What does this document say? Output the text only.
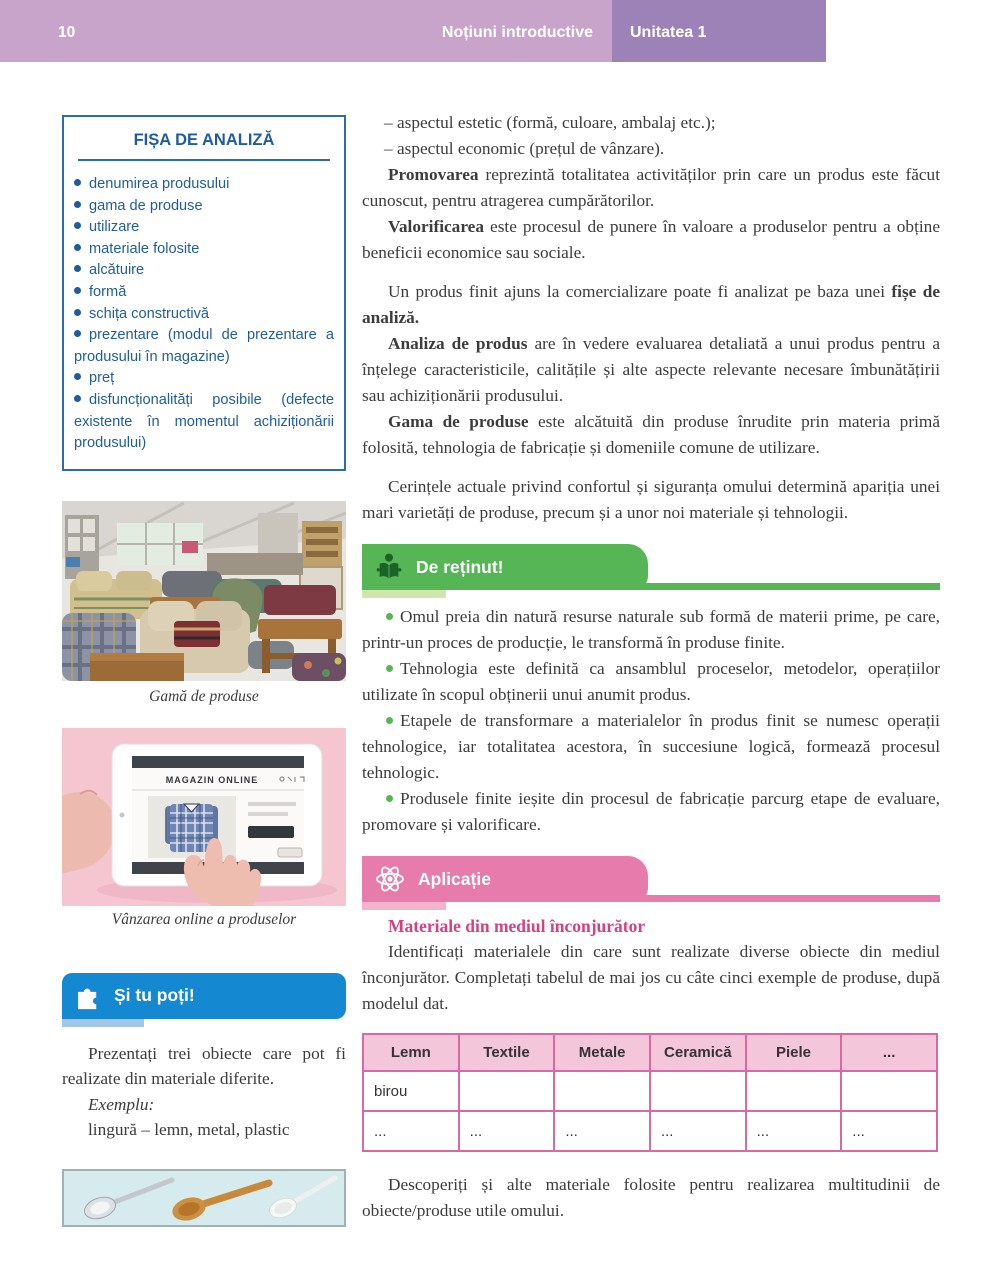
10	Noțiuni introductive Unitatea 1
FIȘA DE ANALIZĂ
denumirea produsului
gama de produse
utilizare
materiale folosite
alcătuire
formă
schița constructivă
prezentare (modul de prezentare a produsului în magazine)
preț
disfuncționalități posibile (defecte existente în momentul achiziționării produsului)
Gamă de produse
MAGAZIN ONLINE
Vânzarea online a produselor
Și tu poți!

Prezentați trei obiecte care pot fi realizate din materiale diferite.

Exemplu:

lingură – lemn, metal, plastic

– aspectul estetic (formă, culoare, ambalaj etc.);
– aspectul economic (prețul de vânzare).

Promovarea reprezintă totalitatea activităților prin care un produs este făcut cunoscut, pentru atragerea cumpărătorilor.

Valorificarea este procesul de punere în valoare a produselor pentru a obține beneficii economice sau sociale.

Un produs finit ajuns la comercializare poate fi analizat pe baza unei fișe de analiză.

Analiza de produs are în vedere evaluarea detaliată a unui produs pentru a înțelege caracteristicile, calitățile și alte aspecte relevante necesare îmbunătățirii sau achiziționării produsului.

Gama de produse este alcătuită din produse înrudite prin materia primă folosită, tehnologia de fabricație și domeniile comune de utilizare.

Cerințele actuale privind confortul și siguranța omului determină apariția unei mari varietăți de produse, precum și a unor noi materiale și tehnologii.

De reținut!

Omul preia din natură resurse naturale sub formă de materii prime, pe care, printr-un proces de producție, le transformă în produse finite.

Tehnologia este definită ca ansamblul proceselor, metodelor, operațiilor utilizate în scopul obținerii unui anumit produs.

Etapele de transformare a materialelor în produs finit se numesc operații tehnologice, iar totalitatea acestora, în succesiune logică, formează procesul tehnologic.

Produsele finite ieșite din procesul de fabricație parcurg etape de evaluare, promovare și valorificare.

Aplicație
Materiale din mediul înconjurător

Identificați materialele din care sunt realizate diverse obiecte din mediul înconjurător. Completați tabelul de mai jos cu câte cinci exemple de produse, după modelul dat.

Lemn	Textile	Metale	Ceramică	Piele	...
birou					
...	...	...	...	...	...

Descoperiți și alte materiale folosite pentru realizarea multitudinii de obiecte/produse utile omului.
